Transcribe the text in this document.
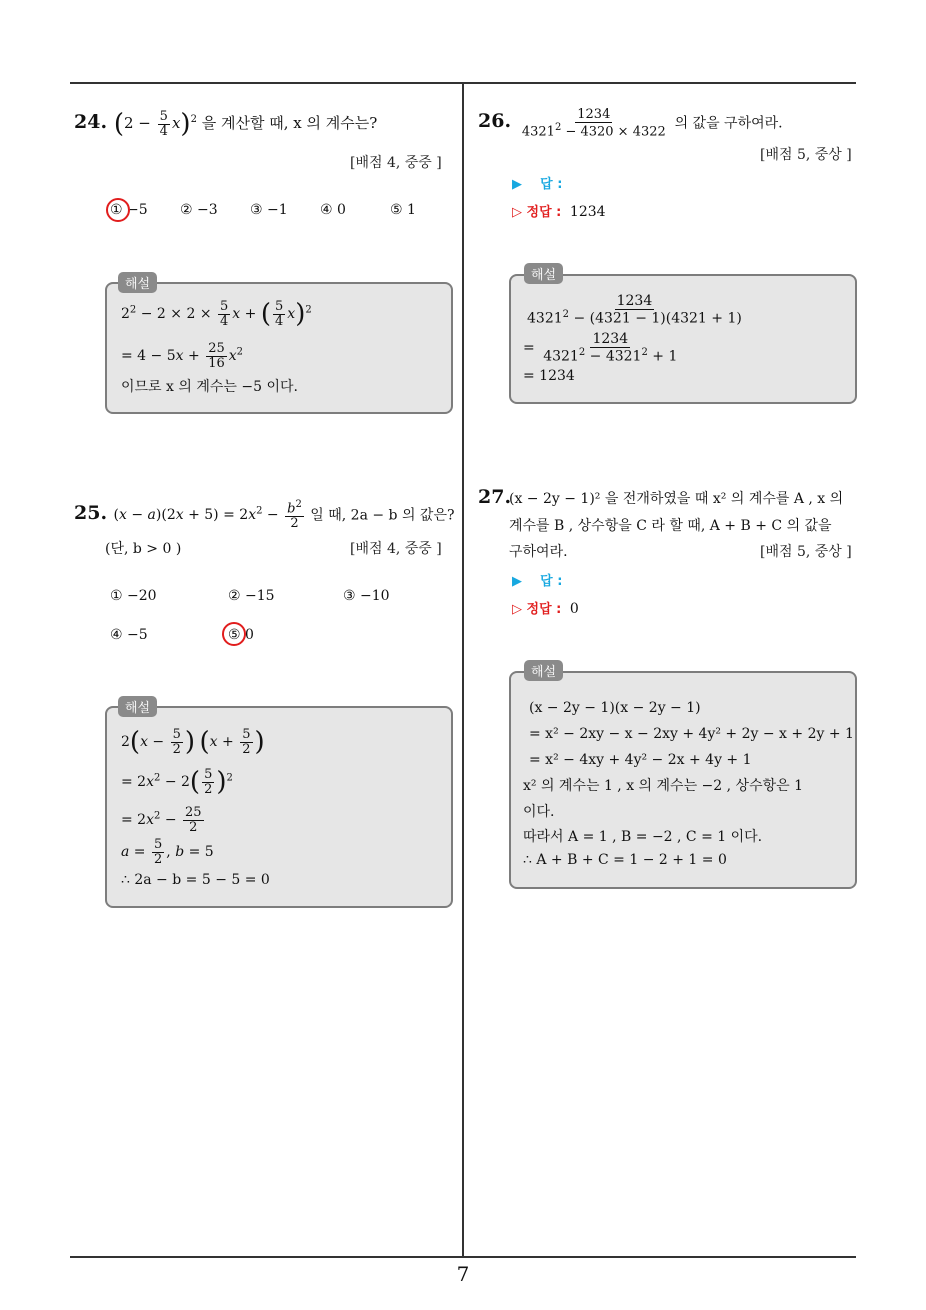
7
24. $(2 - \frac{5}{4} x)^2$ 을 계산할 때, x 의 계수는?
[배점 4, 중중 ]
① −5 ② −3 ③ −1 ④ 0	⑤ 1
$2^2 - 2 \times 2 \times \frac{5}{4}$ x + ( $\frac{5}{4} x)^2$
= $4 - 5x + \frac{25}{16} x^2$
이므로 x 의 계수는 −5 이다.
해설
25. $(x - a)(2x + 5) = 2x^2 - \frac{b^2}{2}$ 일 때, 2a − b 의 값은?
(단, b > 0 )	[배점 4, 중중 ]
① −20	② −15	③ −10
④ −5	⑤ 0
$2(x - \frac{5}{2}$ ) ($x + \frac{5}{2}$ )
= $2x^2 - 2( \frac{5}{2} )^2$
= $2x^2 - \frac{25}{2}$
$a = \frac{5}{2}$ , b = 5
∴ 2a − b = 5 − 5 = 0
해설
26. $\frac{1234}{4321^2 - 4320 \times 4322}$ 의 값을 구하여라.
[배점 5, 중상 ]
▶ 답 :
▷ 정답 : 1234
$\frac{1234}{4321^2 - (4321 - 1)(4321 + 1)}$
= $\frac{1234}{4321^2 - 4321^2 + 1}$
= 1234
해설
27.
(x − 2y − 1)² 을 전개하였을 때 x² 의 계수를 A , x 의
계수를 B , 상수항을 C 라 할 때, A + B + C 의 값을
구하여라.	[배점 5, 중상 ]
▶ 답 :
▷ 정답 : 0
(x − 2y − 1)(x − 2y − 1)
= x² − 2xy − x − 2xy + 4y² + 2y − x + 2y + 1
= x² − 4xy + 4y² − 2x + 4y + 1
x² 의 계수는 1 , x 의 계수는 −2 , 상수항은 1
이다.
따라서 A = 1 , B = −2 , C = 1 이다.
∴ A + B + C = 1 − 2 + 1 = 0
해설
